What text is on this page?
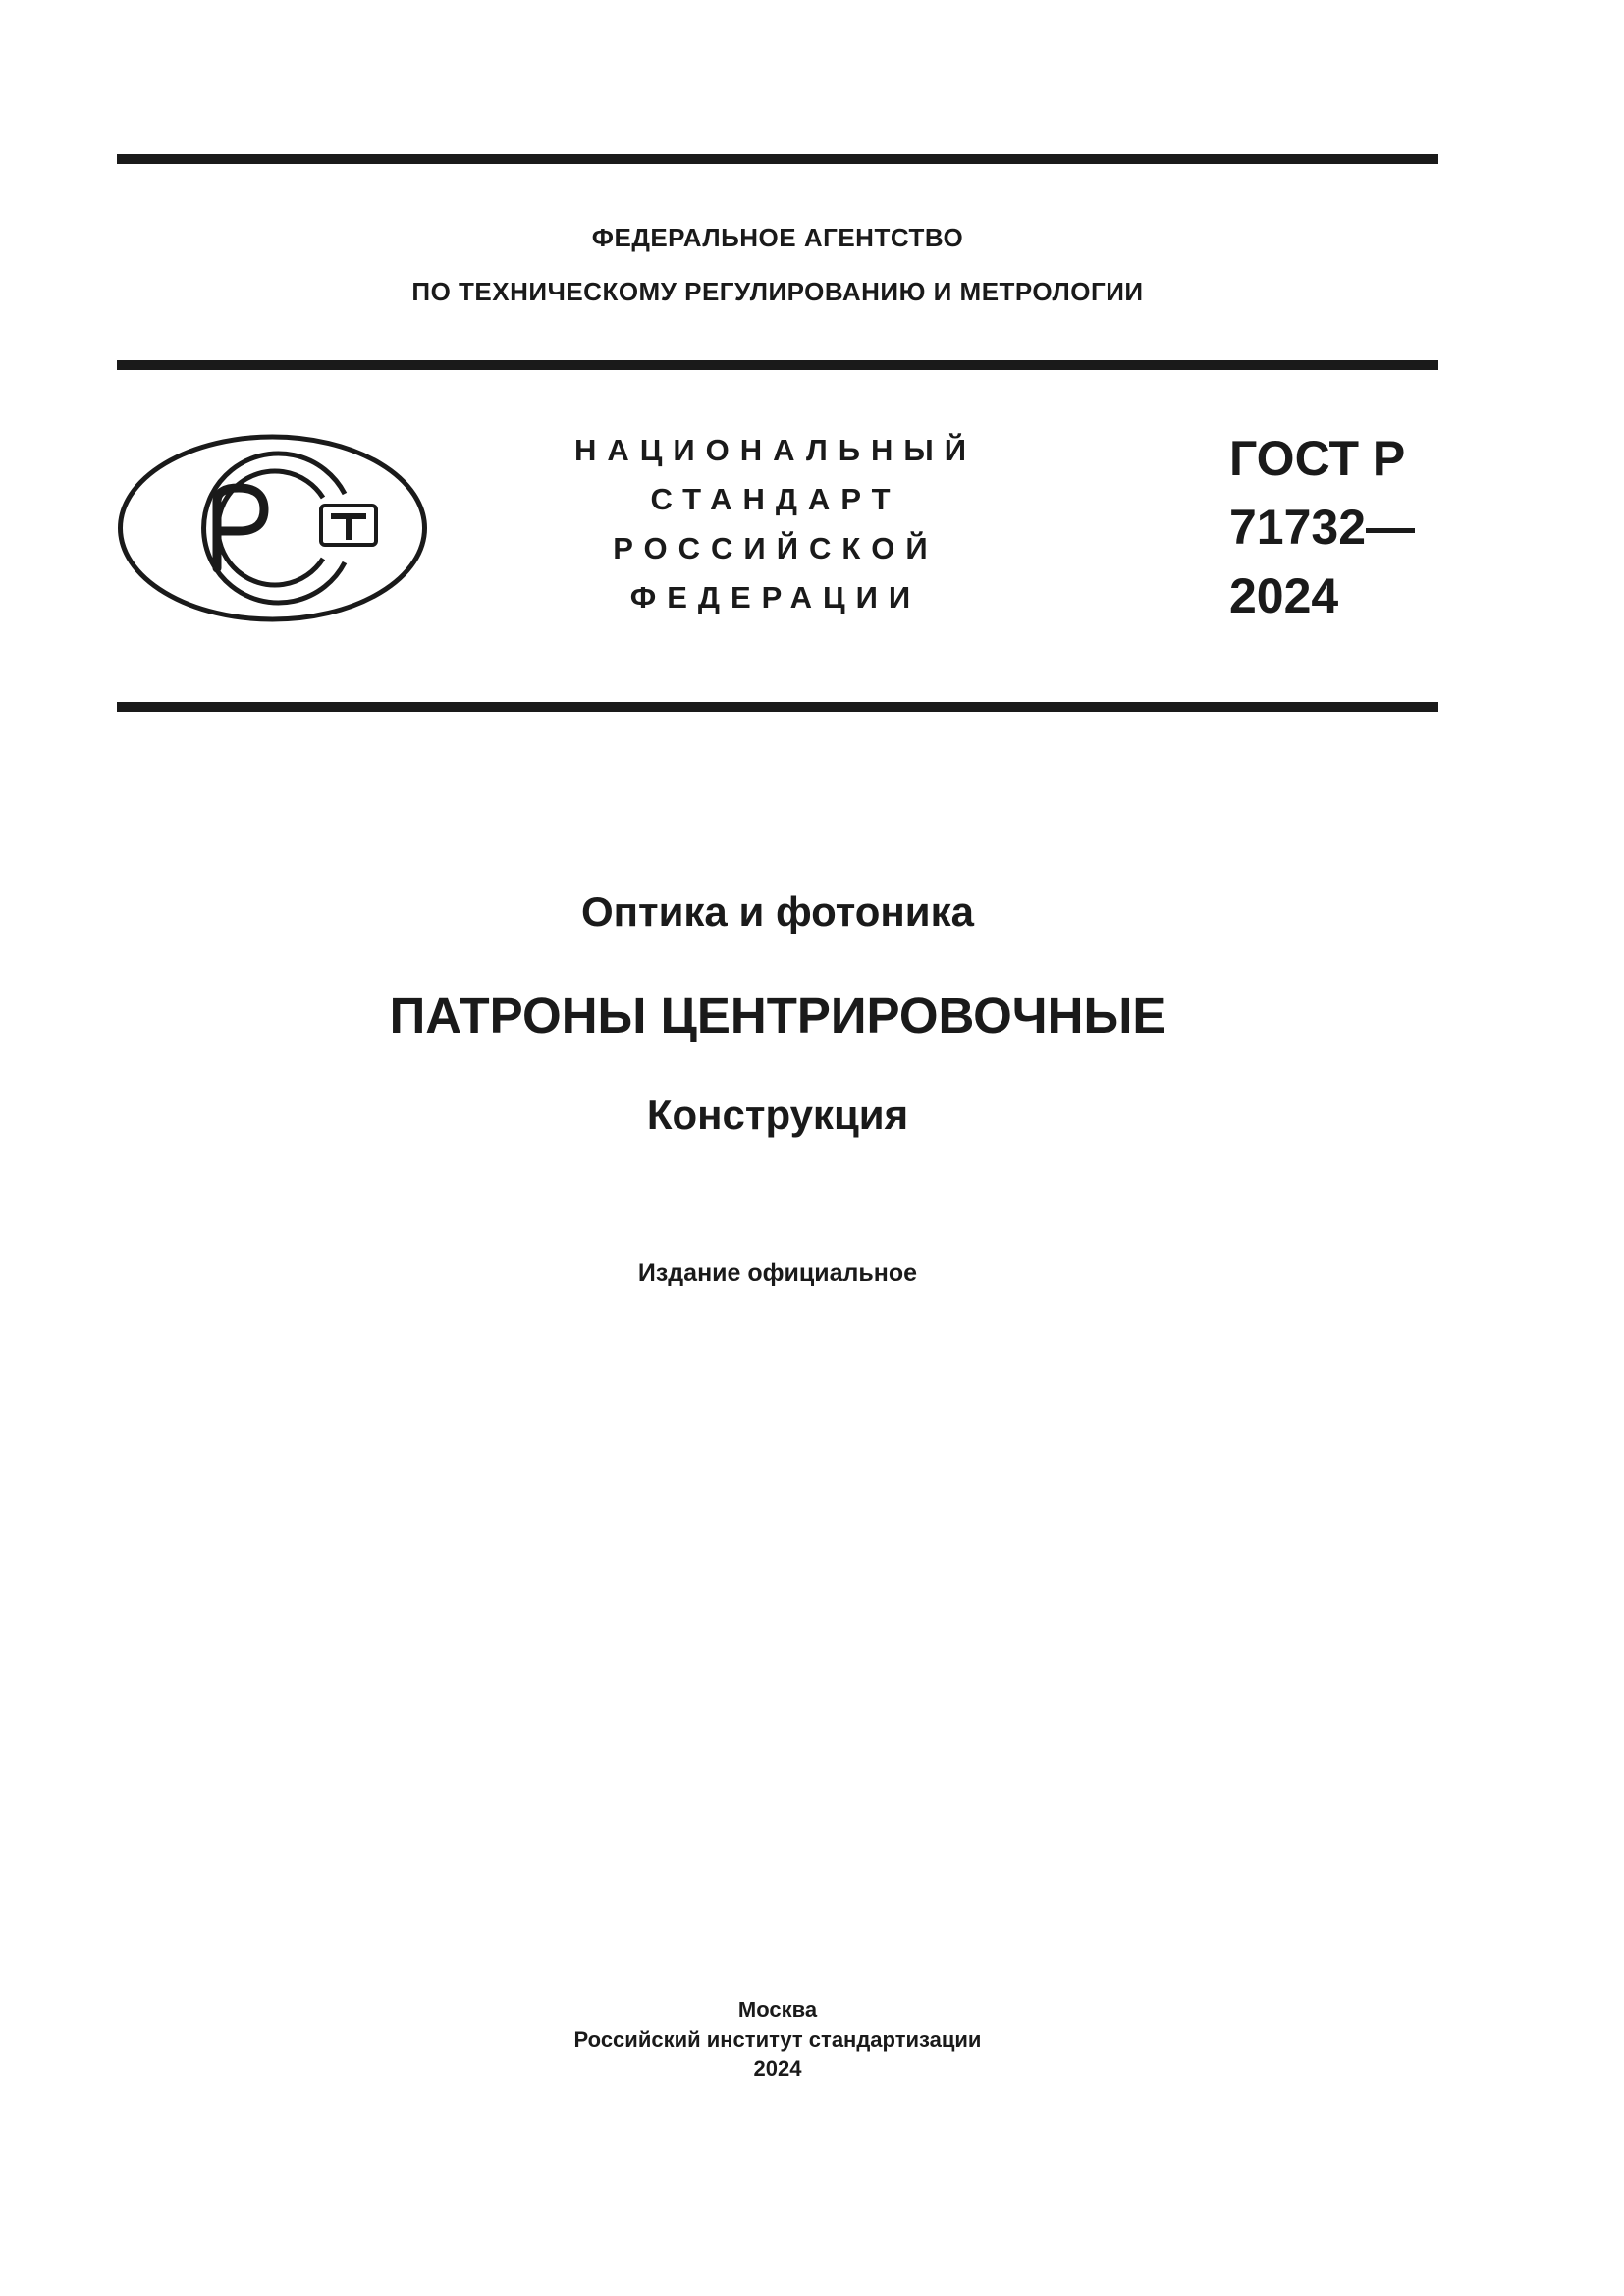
ФЕДЕРАЛЬНОЕ АГЕНТСТВО
ПО ТЕХНИЧЕСКОМУ РЕГУЛИРОВАНИЮ И МЕТРОЛОГИИ
НАЦИОНАЛЬНЫЙ
СТАНДАРТ
РОССИЙСКОЙ
ФЕДЕРАЦИИ
ГОСТ Р
71732—
2024
Оптика и фотоника
ПАТРОНЫ ЦЕНТРИРОВОЧНЫЕ
Конструкция
Издание официальное
Москва
Российский институт стандартизации
2024
